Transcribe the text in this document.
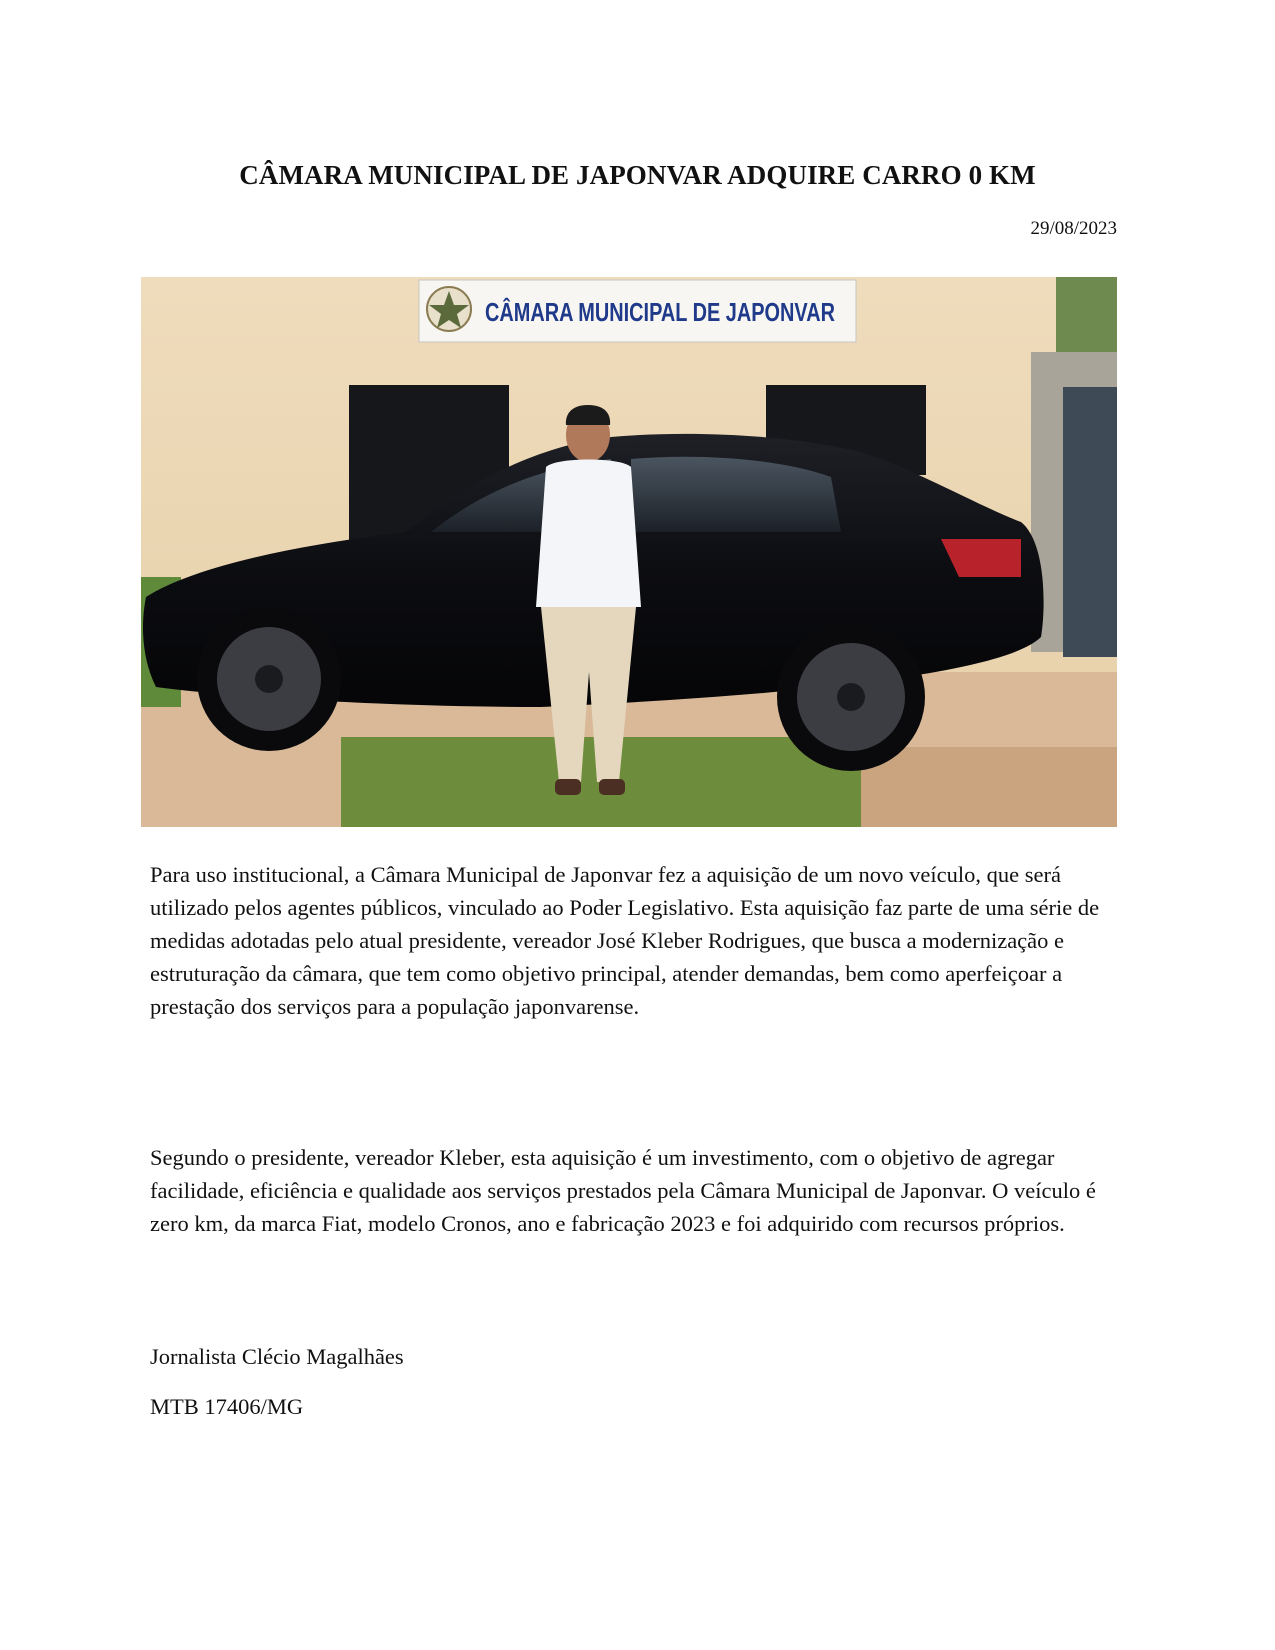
CÂMARA MUNICIPAL DE JAPONVAR ADQUIRE CARRO 0 KM
29/08/2023
CÂMARA MUNICIPAL DE JAPONVAR

Para uso institucional, a Câmara Municipal de Japonvar fez a aquisição de um novo veículo, que será utilizado pelos agentes públicos, vinculado ao Poder Legislativo. Esta aquisição faz parte de uma série de medidas adotadas pelo atual presidente, vereador José Kleber Rodrigues, que busca a modernização e estruturação da câmara, que tem como objetivo principal, atender demandas, bem como aperfeiçoar a prestação dos serviços para a população japonvarense.

Segundo o presidente, vereador Kleber, esta aquisição é um investimento, com o objetivo de agregar facilidade, eficiência e qualidade aos serviços prestados pela Câmara Municipal de Japonvar. O veículo é zero km, da marca Fiat, modelo Cronos, ano e fabricação 2023 e foi adquirido com recursos próprios.

Jornalista Clécio Magalhães
MTB 17406/MG
